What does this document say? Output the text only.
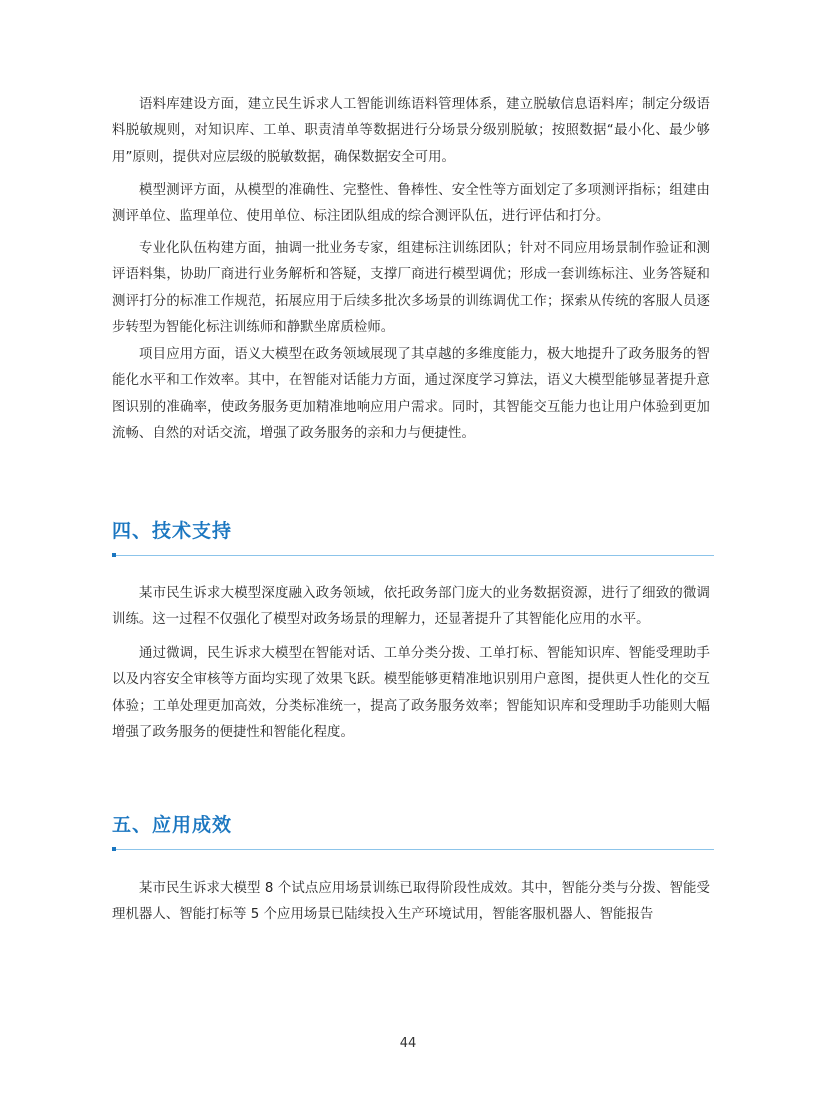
语料库建设方面，建立民生诉求人工智能训练语料管理体系，建立脱敏信息语料库；制定分级语料脱敏规则，对知识库、工单、职责清单等数据进行分场景分级别脱敏；按照数据“最小化、最少够用”原则，提供对应层级的脱敏数据，确保数据安全可用。

模型测评方面，从模型的准确性、完整性、鲁棒性、安全性等方面划定了多项测评指标；组建由测评单位、监理单位、使用单位、标注团队组成的综合测评队伍，进行评估和打分。

专业化队伍构建方面，抽调一批业务专家，组建标注训练团队；针对不同应用场景制作验证和测评语料集，协助厂商进行业务解析和答疑，支撑厂商进行模型调优；形成一套训练标注、业务答疑和测评打分的标准工作规范，拓展应用于后续多批次多场景的训练调优工作；探索从传统的客服人员逐步转型为智能化标注训练师和静默坐席质检师。

项目应用方面，语义大模型在政务领域展现了其卓越的多维度能力，极大地提升了政务服务的智能化水平和工作效率。其中，在智能对话能力方面，通过深度学习算法，语义大模型能够显著提升意图识别的准确率，使政务服务更加精准地响应用户需求。同时，其智能交互能力也让用户体验到更加流畅、自然的对话交流，增强了政务服务的亲和力与便捷性。

四、技术支持

某市民生诉求大模型深度融入政务领域，依托政务部门庞大的业务数据资源，进行了细致的微调训练。这一过程不仅强化了模型对政务场景的理解力，还显著提升了其智能化应用的水平。

通过微调，民生诉求大模型在智能对话、工单分类分拨、工单打标、智能知识库、智能受理助手以及内容安全审核等方面均实现了效果飞跃。模型能够更精准地识别用户意图，提供更人性化的交互体验；工单处理更加高效，分类标准统一，提高了政务服务效率；智能知识库和受理助手功能则大幅增强了政务服务的便捷性和智能化程度。

五、应用成效

某市民生诉求大模型 8 个试点应用场景训练已取得阶段性成效。其中，智能分类与分拨、智能受理机器人、智能打标等 5 个应用场景已陆续投入生产环境试用，智能客服机器人、智能报告

44
